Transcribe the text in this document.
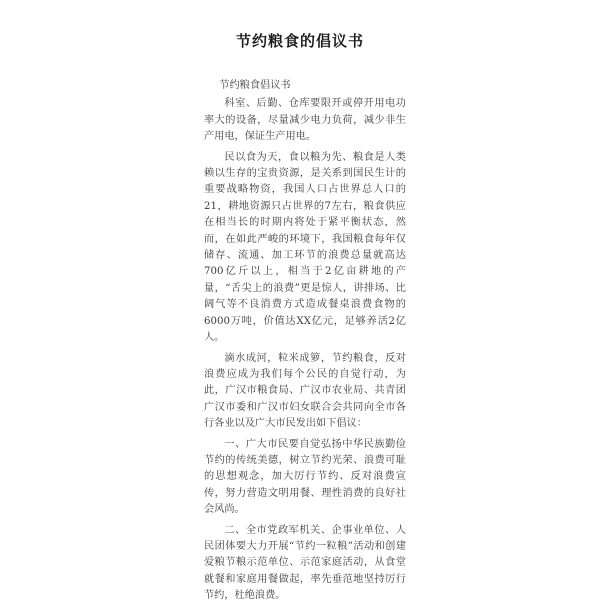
节约粮食的倡议书
节约粮食倡议书

科室、后勤、仓库要限开或停开用电功率大的设备，尽量减少电力负荷，减少非生产用电，保证生产用电。

民以食为天，食以粮为先、粮食是人类赖以生存的宝贵资源，是关系到国民生计的重要战略物资，我国人口占世界总人口的21，耕地资源只占世界的7左右，粮食供应在相当长的时期内将处于紧平衡状态，然而，在如此严峻的环境下，我国粮食每年仅储存、流通、加工环节的浪费总量就高达700亿斤以上，相当于2亿亩耕地的产量，“舌尖上的浪费”更是惊人，讲排场、比阔气等不良消费方式造成餐桌浪费食物的6000万吨，价值达XX亿元，足够养活2亿人。

滴水成河，粒米成箩，节约粮食，反对浪费应成为我们每个公民的自觉行动，为此，广汉市粮食局、广汉市农业局、共青团广汉市委和广汉市妇女联合会共同向全市各行各业以及广大市民发出如下倡议：

一、广大市民要自觉弘扬中华民族勤俭节约的传统美德，树立节约光荣、浪费可耻的思想观念，加大厉行节约、反对浪费宣传，努力营造文明用餐、理性消费的良好社会风尚。

二、全市党政军机关、企事业单位、人民团体要大力开展“节约一粒粮”活动和创建爱粮节粮示范单位、示范家庭活动，从食堂就餐和家庭用餐做起，率先垂范地坚持厉行节约，杜绝浪费。
